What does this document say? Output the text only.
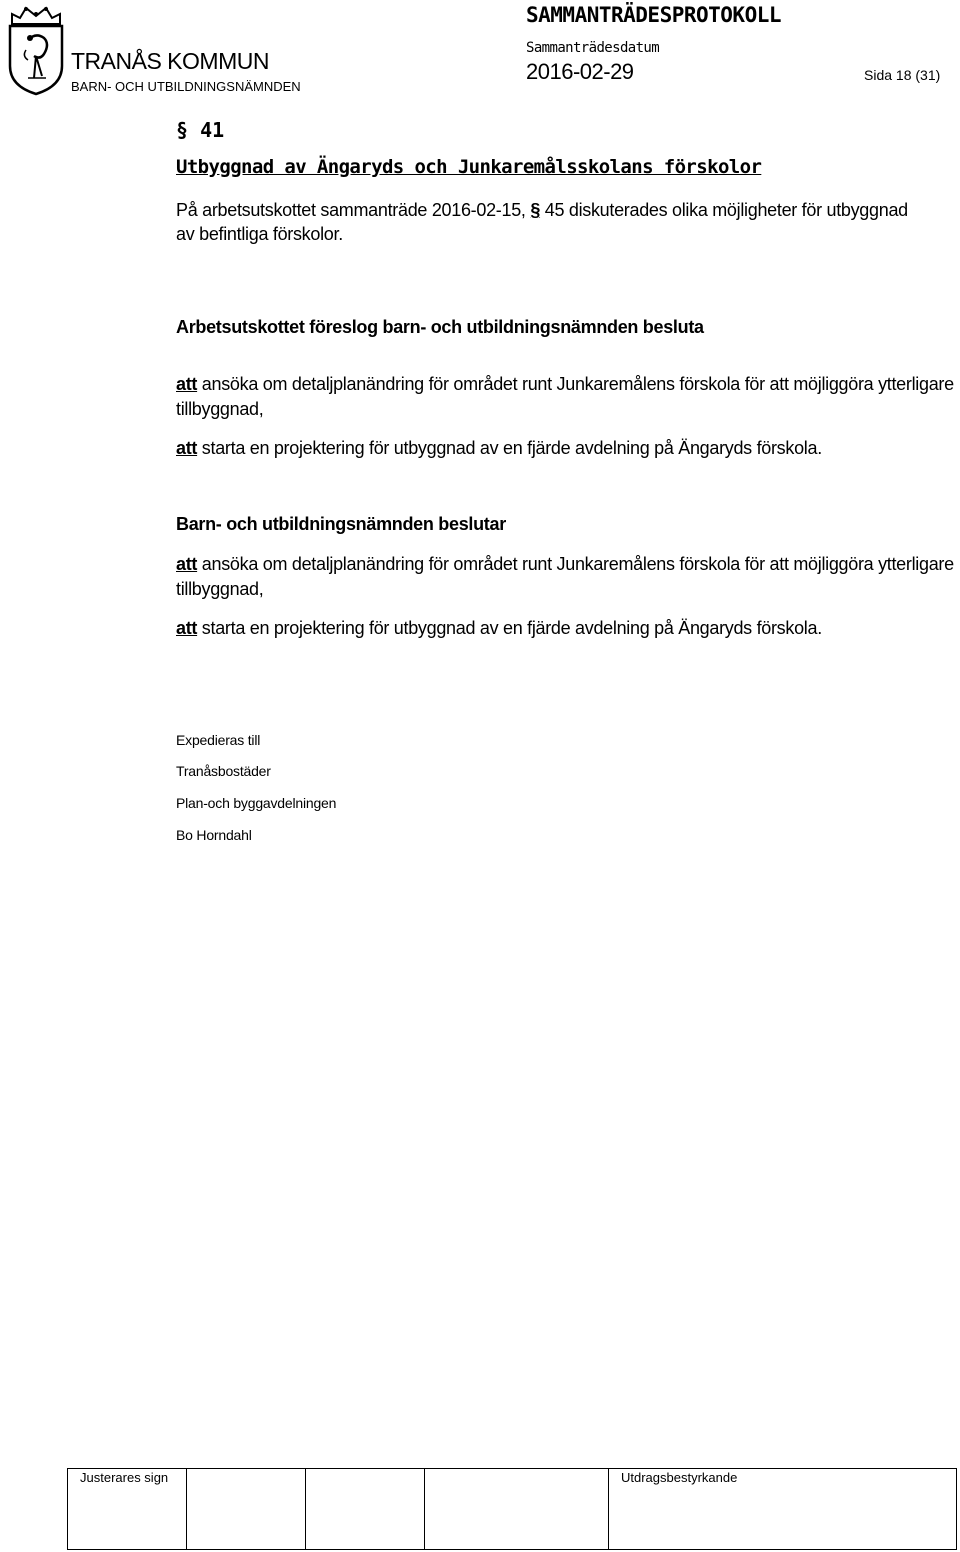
TRANÅS KOMMUN
BARN- OCH UTBILDNINGSNÄMNDEN
SAMMANTRÄDESPROTOKOLL
Sammanträdesdatum
2016-02-29	Sida 18 (31)
§ 41
Utbyggnad av Ängaryds och Junkaremålsskolans förskolor
På arbetsutskottet sammanträde 2016-02-15, § 45 diskuterades olika möjligheter för utbyggnad av befintliga förskolor.
Arbetsutskottet föreslog barn- och utbildningsnämnden besluta
att ansöka om detaljplanändring för området runt Junkaremålens förskola för att möjliggöra ytterligare tillbyggnad,
att starta en projektering för utbyggnad av en fjärde avdelning på Ängaryds förskola.
Barn- och utbildningsnämnden beslutar
att ansöka om detaljplanändring för området runt Junkaremålens förskola för att möjliggöra ytterligare tillbyggnad,
att starta en projektering för utbyggnad av en fjärde avdelning på Ängaryds förskola.
Expedieras till
Tranåsbostäder
Plan-och byggavdelningen
Bo Horndahl
Justerares sign				Utdragsbestyrkande
